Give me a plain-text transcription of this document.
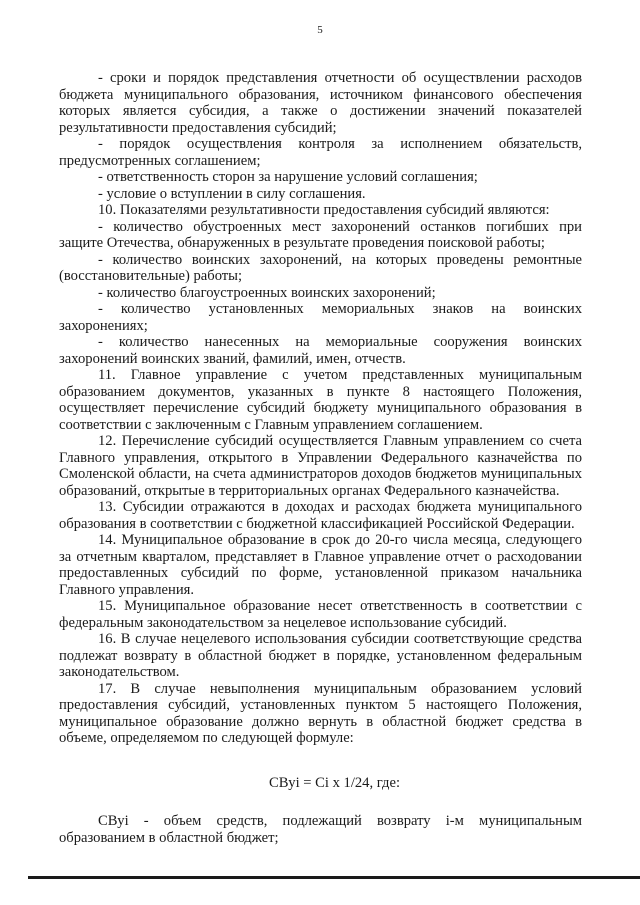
5

- сроки и порядок представления отчетности об осуществлении расходов бюджета муниципального образования, источником финансового обеспечения которых является субсидия, а также о достижении значений показателей результативности предоставления субсидий;

- порядок осуществления контроля за исполнением обязательств, предусмотренных соглашением;

- ответственность сторон за нарушение условий соглашения;

- условие о вступлении в силу соглашения.

10. Показателями результативности предоставления субсидий являются:

- количество обустроенных мест захоронений останков погибших при защите Отечества, обнаруженных в результате проведения поисковой работы;

- количество воинских захоронений, на которых проведены ремонтные (восстановительные) работы;

- количество благоустроенных воинских захоронений;

- количество установленных мемориальных знаков на воинских захоронениях;

- количество нанесенных на мемориальные сооружения воинских захоронений воинских званий, фамилий, имен, отчеств.

11. Главное управление с учетом представленных муниципальным образованием документов, указанных в пункте 8 настоящего Положения, осуществляет перечисление субсидий бюджету муниципального образования в соответствии с заключенным с Главным управлением соглашением.

12. Перечисление субсидий осуществляется Главным управлением со счета Главного управления, открытого в Управлении Федерального казначейства по Смоленской области, на счета администраторов доходов бюджетов муниципальных образований, открытые в территориальных органах Федерального казначейства.

13. Субсидии отражаются в доходах и расходах бюджета муниципального образования в соответствии с бюджетной классификацией Российской Федерации.

14. Муниципальное образование в срок до 20-го числа месяца, следующего за отчетным кварталом, представляет в Главное управление отчет о расходовании предоставленных субсидий по форме, установленной приказом начальника Главного управления.

15. Муниципальное образование несет ответственность в соответствии с федеральным законодательством за нецелевое использование субсидий.

16. В случае нецелевого использования субсидии соответствующие средства подлежат возврату в областной бюджет в порядке, установленном федеральным законодательством.

17. В случае невыполнения муниципальным образованием условий предоставления субсидий, установленных пунктом 5 настоящего Положения, муниципальное образование должно вернуть в областной бюджет средства в объеме, определяемом по следующей формуле:

СВуi = Сi х 1/24, где:

СВуi - объем средств, подлежащий возврату i-м муниципальным образованием в областной бюджет;
